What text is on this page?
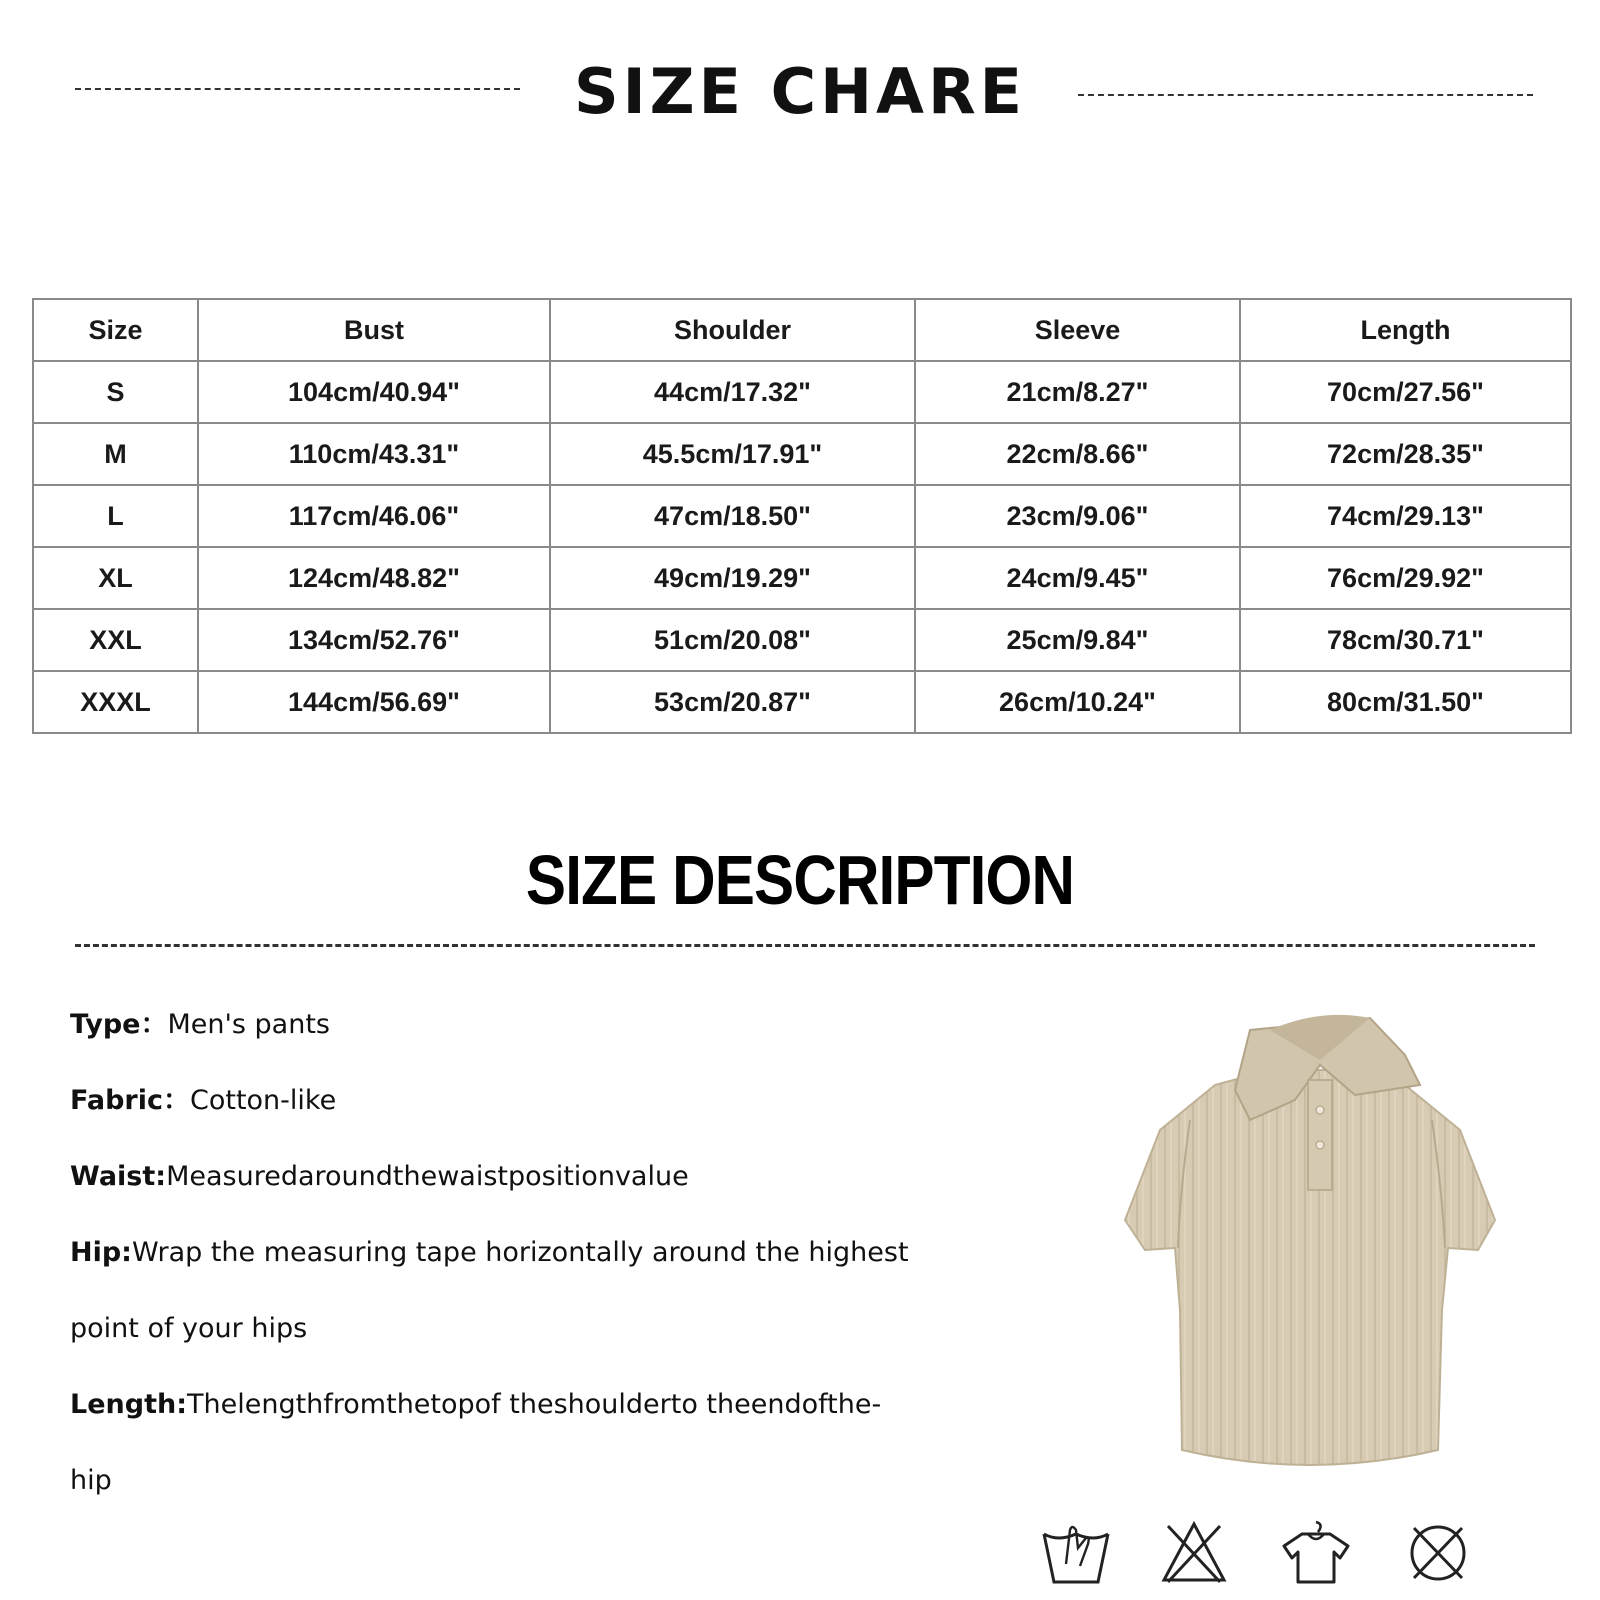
SIZE CHARE
Size	Bust	Shoulder	Sleeve	Length
S	104cm/40.94"	44cm/17.32"	21cm/8.27"	70cm/27.56"
M	110cm/43.31"	45.5cm/17.91"	22cm/8.66"	72cm/28.35"
L	117cm/46.06"	47cm/18.50"	23cm/9.06"	74cm/29.13"
XL	124cm/48.82"	49cm/19.29"	24cm/9.45"	76cm/29.92"
XXL	134cm/52.76"	51cm/20.08"	25cm/9.84"	78cm/30.71"
XXXL	144cm/56.69"	53cm/20.87"	26cm/10.24"	80cm/31.50"
SIZE DESCRIPTION
Type：Men's pants
Fabric：Cotton-like
Waist:Measuredaroundthewaistpositionvalue
Hip:Wrap the measuring tape horizontally around the highest
point of your hips
Length:Thelengthfromthetopof theshoulderto theendofthe-
hip
